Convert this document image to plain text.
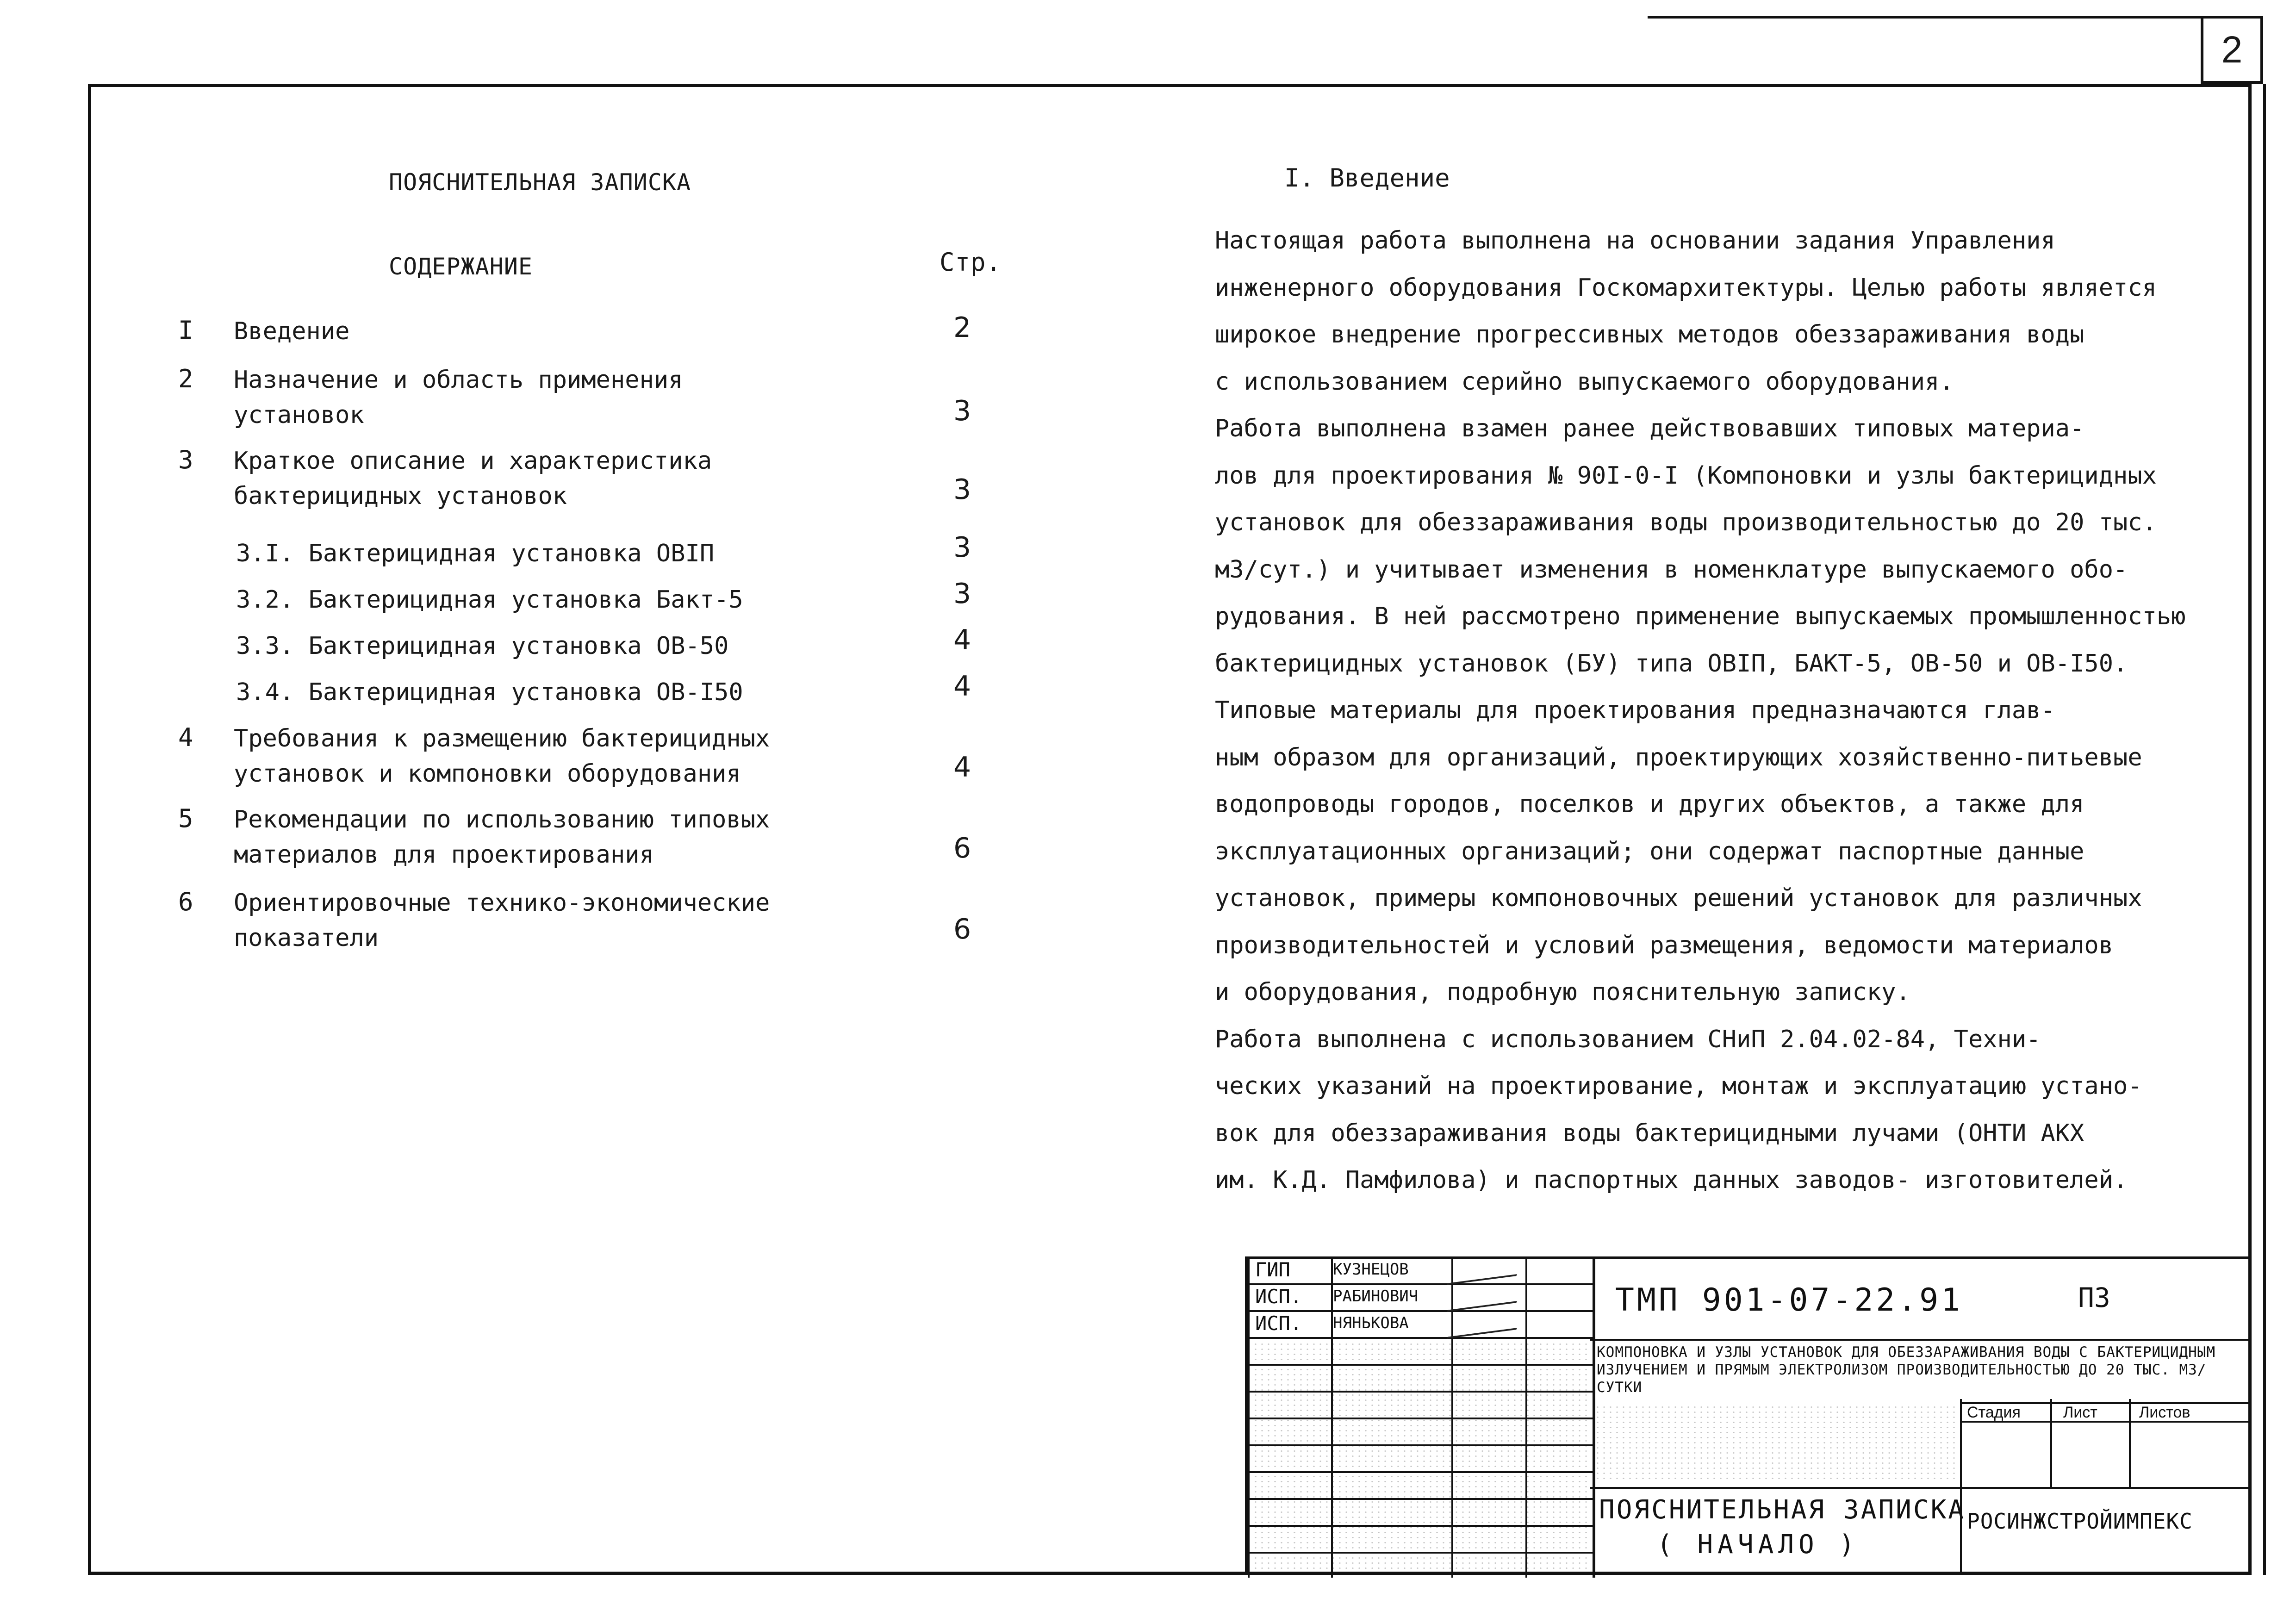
2
ПОЯСНИТЕЛЬНАЯ ЗАПИСКА
СОДЕРЖАНИЕ	Стр.
I Введение	2
2 Назначение и область применения
установок	3
3 Краткое описание и характеристика
бактерицидных установок	3
3.I. Бактерицидная установка ОВIП	3
3.2. Бактерицидная установка Бакт-5	3
3.3. Бактерицидная установка ОВ-50	4
3.4. Бактерицидная установка ОВ-I50	4
4 Требования к размещению бактерицидных
установок и компоновки оборудования	4
5 Рекомендации по использованию типовых
материалов для проектирования	6
6 Ориентировочные технико-экономические
показатели	6
I. Введение
Настоящая работа выполнена на основании задания Управления
инженерного оборудования Госкомархитектуры. Целью работы является
широкое внедрение прогрессивных методов обеззараживания воды
с использованием серийно выпускаемого оборудования.
Работа выполнена взамен ранее действовавших типовых материа-
лов для проектирования № 90I-0-I (Компоновки и узлы бактерицидных
установок для обеззараживания воды производительностью до 20 тыс.
м3/сут.) и учитывает изменения в номенклатуре выпускаемого обо-
рудования. В ней рассмотрено применение выпускаемых промышленностью
бактерицидных установок (БУ) типа ОВIП, БАКТ-5, ОВ-50 и ОВ-I50.
Типовые материалы для проектирования предназначаются глав-
ным образом для организаций, проектирующих хозяйственно-питьевые
водопроводы городов, поселков и других объектов, а также для
эксплуатационных организаций; они содержат паспортные данные
установок, примеры компоновочных решений установок для различных
производительностей и условий размещения, ведомости материалов
и оборудования, подробную пояснительную записку.
Работа выполнена с использованием СНиП 2.04.02-84, Техни-
ческих указаний на проектирование, монтаж и эксплуатацию устано-
вок для обеззараживания воды бактерицидными лучами (ОНТИ АКХ
им. К.Д. Памфилова) и паспортных данных заводов- изготовителей.
ГИП	КУЗНЕЦОВ
ИСП. РАБИНОВИЧ
ИСП. НЯНЬКОВА
ТМП 901-07-22.91	ПЗ
КОМПОНОВКА И УЗЛЫ УСТАНОВОК ДЛЯ ОБЕЗЗАРАЖИВАНИЯ ВОДЫ С БАКТЕРИЦИДНЫМ ИЗЛУЧЕНИЕМ И ПРЯМЫМ ЭЛЕКТРОЛИЗОМ ПРОИЗВОДИТЕЛЬНОСТЬЮ ДО 20 ТЫС. М3/СУТКИ
Стадия	Лист	Листов
ПОЯСНИТЕЛЬНАЯ ЗАПИСКА
( НАЧАЛО )
РОСИНЖСТРОЙИМПЕКС
